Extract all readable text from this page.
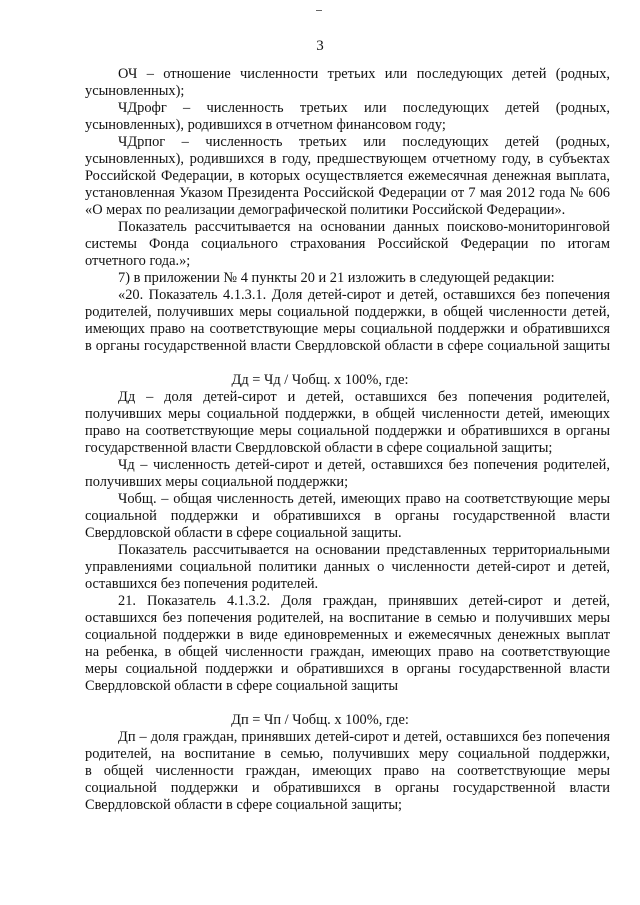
3
ОЧ – отношение численности третьих или последующих детей (родных,
усыновленных);
ЧДрофг – численность третьих или последующих детей (родных,
усыновленных), родившихся в отчетном финансовом году;
ЧДрпог – численность третьих или последующих детей (родных,
усыновленных), родившихся в году, предшествующем отчетному году, в субъектах
Российской Федерации, в которых осуществляется ежемесячная денежная выплата,
установленная Указом Президента Российской Федерации от 7 мая 2012 года № 606
«О мерах по реализации демографической политики Российской Федерации».
Показатель рассчитывается на основании данных поисково-мониторинговой
системы Фонда социального страхования Российской Федерации по итогам
отчетного года.»;
7) в приложении № 4 пункты 20 и 21 изложить в следующей редакции:
«20. Показатель 4.1.3.1. Доля детей-сирот и детей, оставшихся без попечения
родителей, получивших меры социальной поддержки, в общей численности детей,
имеющих право на соответствующие меры социальной поддержки и обратившихся
в органы государственной власти Свердловской области в сфере социальной защиты
Дд = Чд / Чобщ. х 100%, где:
Дд – доля детей-сирот и детей, оставшихся без попечения родителей,
получивших меры социальной поддержки, в общей численности детей, имеющих
право на соответствующие меры социальной поддержки и обратившихся в органы
государственной власти Свердловской области в сфере социальной защиты;
Чд – численность детей-сирот и детей, оставшихся без попечения родителей,
получивших меры социальной поддержки;
Чобщ. – общая численность детей, имеющих право на соответствующие меры
социальной поддержки и обратившихся в органы государственной власти
Свердловской области в сфере социальной защиты.
Показатель рассчитывается на основании представленных территориальными
управлениями социальной политики данных о численности детей-сирот и детей,
оставшихся без попечения родителей.
21. Показатель 4.1.3.2. Доля граждан, принявших детей-сирот и детей,
оставшихся без попечения родителей, на воспитание в семью и получивших меры
социальной поддержки в виде единовременных и ежемесячных денежных выплат
на ребенка, в общей численности граждан, имеющих право на соответствующие
меры социальной поддержки и обратившихся в органы государственной власти
Свердловской области в сфере социальной защиты
Дп = Чп / Чобщ. х 100%, где:
Дп – доля граждан, принявших детей-сирот и детей, оставшихся без попечения
родителей, на воспитание в семью, получивших меру социальной поддержки,
в общей численности граждан, имеющих право на соответствующие меры
социальной поддержки и обратившихся в органы государственной власти
Свердловской области в сфере социальной защиты;
